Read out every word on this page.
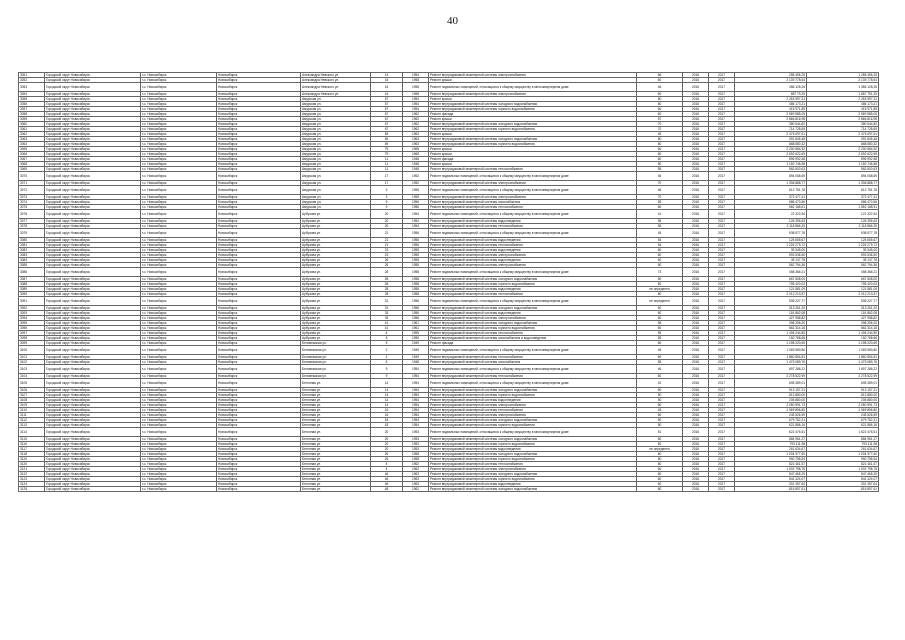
40
3051	Городской округ Новосибирск	г.о. Новосибирск	Новосибирск	Александра Невского ул.	14	1954	Ремонт внутридомовой инженерной системы электроснабжения	66	2016	2017	285 496,25	1 285 496,25
3052	Городской округ Новосибирск	г.о. Новосибирск	Новосибирск	Александра Невского ул.	16	1958	Ремонт крыши	60	2016	2017	2 139 778,64	2 139 778,64
3053	Городской округ Новосибирск	г.о. Новосибирск	Новосибирск	Александра Невского ул.	16	1958	Ремонт подвальных помещений, относящихся к общему имуществу в многоквартирном доме	46	2016	2017	386 128,26	1 386 128,26
3054	Городской округ Новосибирск	г.о. Новосибирск	Новосибирск	Александра Невского ул.	16	1958	Ремонт внутридомовой инженерной системы электроснабжения	60	2016	2017	687 79,25	1 687 791,25
3055	Городской округ Новосибирск	г.о. Новосибирск	Новосибирск	Амурская ул.	57	1954	Ремонт крыши	60	2016	2017	2 263 997,31	2 263 997,31
3056	Городской округ Новосибирск	г.о. Новосибирск	Новосибирск	Амурская ул.	57	1954	Ремонт внутридомовой инженерной системы холодного водоснабжения	60	2016	2017	486 173,21	486 173,21
3057	Городской округ Новосибирск	г.о. Новосибирск	Новосибирск	Амурская ул.	57	1954	Ремонт внутридомовой инженерной системы горячего водоснабжения	60	2016	2017	415 971,85	415 971,85
3058	Городской округ Новосибирск	г.о. Новосибирск	Новосибирск	Амурская ул.	67	1962	Ремонт фасада	60	2016	2017	2 569 985,05	2 569 985,05
3059	Городской округ Новосибирск	г.о. Новосибирск	Новосибирск	Амурская ул.	67	1962	Ремонт крыши	57	2016	2017	2 866 816,98	2 866 816,98
3060	Городской округ Новосибирск	г.о. Новосибирск	Новосибирск	Амурская ул.	67	1962	Ремонт внутридомовой инженерной системы холодного водоснабжения	70	2016	2017	380 944,82	380 944,82
3061	Городской округ Новосибирск	г.о. Новосибирск	Новосибирск	Амурская ул.	67	1962	Ремонт внутридомовой инженерной системы горячего водоснабжения	70	2016	2017	714 728,65	714 728,65
3062	Городской округ Новосибирск	г.о. Новосибирск	Новосибирск	Амурская ул.	69	1963	Ремонт крыши	45	2016	2017	2 475 097,61	2 475 097,61
3063	Городской округ Новосибирск	г.о. Новосибирск	Новосибирск	Амурская ул.	69	1963	Ремонт внутридомовой инженерной системы холодного водоснабжения	60	2016	2017	391 845,48	391 845,48
3064	Городской округ Новосибирск	г.о. Новосибирск	Новосибирск	Амурская ул.	69	1963	Ремонт внутридомовой инженерной системы горячего водоснабжения	60	2016	2017	868 580,32	868 580,32
3065	Городской округ Новосибирск	г.о. Новосибирск	Новосибирск	Амурская ул.	75	1968	Ремонт крыши	60	2016	2017	2 230 584,52	2 230 584,52
3066	Городской округ Новосибирск	г.о. Новосибирск	Новосибирск	Амурская ул.	79	1968	Ремонт крыши	60	2016	2017	2 692 622,69	2 692 622,69
3067	Городской округ Новосибирск	г.о. Новосибирск	Новосибирск	Амурская ул.	11	1948	Ремонт фасада	60	2016	2017	896 992,58	896 992,58
3068	Городской округ Новосибирск	г.о. Новосибирск	Новосибирск	Амурская ул.	11	1948	Ремонт крыши	50	2016	2017	1 150 746,58	1 150 746,58
3069	Городской округ Новосибирск	г.о. Новосибирск	Новосибирск	Амурская ул.	11	1948	Ремонт внутридомовой инженерной системы теплоснабжения	55	2016	2017	562 600,63	562 600,63
3070	Городской округ Новосибирск	г.о. Новосибирск	Новосибирск	Амурская ул.	17	1952	Ремонт подвальных помещений, относящихся к общему имуществу в многоквартирном доме	46	2016	2017	894 068,69	894 068,69
3071	Городской округ Новосибирск	г.о. Новосибирск	Новосибирск	Амурская ул.	17	1952	Ремонт внутридомовой инженерной системы электроснабжения	70	2016	2017	1 336 888,77	1 336 888,77
3072	Городской округ Новосибирск	г.о. Новосибирск	Новосибирск	Амурская ул.	3	1955	Ремонт подвальных помещений, относящихся к общему имуществу в многоквартирном доме	46	2016	2017	612 751,78	612 751,78
3073	Городской округ Новосибирск	г.о. Новосибирск	Новосибирск	Амурская ул.	3	1955	Ремонт внутридомовой инженерной системы электроснабжения	70	2016	2017	372 477,41	372 477,41
3074	Городской округ Новосибирск	г.о. Новосибирск	Новосибирск	Амурская ул.	9	1956	Ремонт внутридомовой инженерной системы газоснабжения	55	2016	2017	686 470,56	686 470,56
3075	Городской округ Новосибирск	г.о. Новосибирск	Новосибирск	Амурская ул.	9	1956	Ремонт внутридомовой инженерной системы теплоснабжения	60	2016	2017	562 168,51	1 562 168,51
3076	Городской округ Новосибирск	г.о. Новосибирск	Новосибирск	Арбузова ул.	20	1954	Ремонт подвальных помещений, относящихся к общему имуществу в многоквартирном доме	41	2016	2017	22 322,54	121 322,54
3077	Городской округ Новосибирск	г.о. Новосибирск	Новосибирск	Арбузова ул.	20	1954	Ремонт внутридомовой инженерной системы водоотведения	55	2016	2017	126 396,63	126 396,63
3078	Городской округ Новосибирск	г.о. Новосибирск	Новосибирск	Арбузова ул.	20	1954	Ремонт внутридомовой инженерной системы теплоснабжения	55	2016	2017	2 118 866,25	2 118 866,25
3079	Городской округ Новосибирск	г.о. Новосибирск	Новосибирск	Арбузова ул.	21	1956	Ремонт подвальных помещений, относящихся к общему имуществу в многоквартирном доме	45	2016	2017	938 577,78	938 577,78
3080	Городской округ Новосибирск	г.о. Новосибирск	Новосибирск	Арбузова ул.	21	1956	Ремонт внутридомовой инженерной системы водоотведения	54	2016	2017	125 655,67	125 655,67
3081	Городской округ Новосибирск	г.о. Новосибирск	Новосибирск	Арбузова ул.	21	1956	Ремонт внутридомовой инженерной системы теплоснабжения	54	2016	2017	1 226 279,72	1 226 279,72
3082	Городской округ Новосибирск	г.о. Новосибирск	Новосибирск	Арбузова ул.	23	1955	Ремонт внутридомовой инженерной системы водоотведения	60	2016	2017	39 345,00	39 345,00
3083	Городской округ Новосибирск	г.о. Новосибирск	Новосибирск	Арбузова ул.	23	1955	Ремонт внутридомовой инженерной системы электроснабжения	60	2016	2017	593 536,50	593 536,50
3084	Городской округ Новосибирск	г.о. Новосибирск	Новосибирск	Арбузова ул.	26	1955	Ремонт внутридомовой инженерной системы водоотведения	60	2016	2017	35 137,78	35 137,78
3085	Городской округ Новосибирск	г.о. Новосибирск	Новосибирск	Арбузова ул.	26	1955	Ремонт внутридомовой инженерной системы электроснабжения	60	2016	2017	562 794,36	562 794,36
3086	Городской округ Новосибирск	г.о. Новосибирск	Новосибирск	Арбузова ул.	28	1958	Ремонт подвальных помещений, относящихся к общему имуществу в многоквартирном доме	73	2016	2017	458 366,21	458 366,21
3087	Городской округ Новосибирск	г.о. Новосибирск	Новосибирск	Арбузова ул.	28	1958	Ремонт внутридомовой инженерной системы холодного водоснабжения	60	2016	2017	667 508,00	667 508,00
3088	Городской округ Новосибирск	г.о. Новосибирск	Новосибирск	Арбузова ул.	28	1958	Ремонт внутридомовой инженерной системы горячего водоснабжения	60	2016	2017	755 420,03	755 420,03
3089	Городской округ Новосибирск	г.о. Новосибирск	Новосибирск	Арбузова ул.	28	1958	Ремонт внутридомовой инженерной системы водоотведения	не определен	2016	2017	121 881,09	121 881,09
3090	Городской округ Новосибирск	г.о. Новосибирск	Новосибирск	Арбузова ул.	28	1958	Ремонт внутридомовой инженерной системы теплоснабжения	80	2016	2017	2 012 213,57	2 012 213,57
3091	Городской округ Новосибирск	г.о. Новосибирск	Новосибирск	Арбузова ул.	31	1956	Ремонт подвальных помещений, относящихся к общему имуществу в многоквартирном доме	не определен	2016	2017	506 227,77	506 227,77
3092	Городской округ Новосибирск	г.о. Новосибирск	Новосибирск	Арбузова ул.	31	1956	Ремонт внутридомовой инженерной системы холодного водоснабжения	60	2016	2017	313 261,20	313 261,20
3093	Городской округ Новосибирск	г.о. Новосибирск	Новосибирск	Арбузова ул.	33	1956	Ремонт внутридомовой инженерной системы водоотведения	60	2016	2017	151 862,08	151 862,08
3094	Городской округ Новосибирск	г.о. Новосибирск	Новосибирск	Арбузова ул.	33	1956	Ремонт внутридомовой инженерной системы электроснабжения	60	2016	2017	427 958,82	427 958,82
3095	Городской округ Новосибирск	г.о. Новосибирск	Новосибирск	Арбузова ул.	41	1961	Ремонт внутридомовой инженерной системы холодного водоснабжения	55	2016	2017	398 256,20	398 256,20
3096	Городской округ Новосибирск	г.о. Новосибирск	Новосибирск	Арбузова ул.	41	1961	Ремонт внутридомовой инженерной системы горячего водоснабжения	60	2016	2017	562 314,18	562 314,18
3097	Городской округ Новосибирск	г.о. Новосибирск	Новосибирск	Арбузова ул.	4	1955	Ремонт внутридомовой инженерной системы теплоснабжения	55	2016	2017	1 436 244,80	1 436 244,80
3098	Городской округ Новосибирск	г.о. Новосибирск	Новосибирск	Арбузова ул.	5	1955	Ремонт внутридомовой инженерной системы газоснабжения и водоотведения	55	2016	2017	152 768,66	152 768,66
3099	Городской округ Новосибирск	г.о. Новосибирск	Новосибирск	Беловежская ул.	5	1949	Ремонт фасада	60	2016	2017	1 198 220,69	1 198 220,69
3100	Городской округ Новосибирск	г.о. Новосибирск	Новосибирск	Беловежская ул.	2	1949	Ремонт подвальных помещений, относящихся к общему имуществу в многоквартирном доме	45	2016	2017	1 069 969,80	1 069 969,80
3101	Городской округ Новосибирск	г.о. Новосибирск	Новосибирск	Беловежская ул.	2	1949	Ремонт внутридомовой инженерной системы теплоснабжения	60	2016	2017	1 860 854,81	1 860 854,81
3102	Городской округ Новосибирск	г.о. Новосибирск	Новосибирск	Беловежская ул.	5	1948	Ремонт внутридомовой инженерной системы газоснабжения	55	2016	2017	1 479 089,76	1 479 089,76
3103	Городской округ Новосибирск	г.о. Новосибирск	Новосибирск	Беловежская ул.	9	1954	Ремонт подвальных помещений, относящихся к общему имуществу в многоквартирном доме	46	2016	2017	697 286,22	1 697 286,22
3104	Городской округ Новосибирск	г.о. Новосибирск	Новосибирск	Беловежская ул.	9	1954	Ремонт внутридомовой инженерной системы теплоснабжения	60	2016	2017	2 278 522,99	2 278 522,99
3105	Городской округ Новосибирск	г.о. Новосибирск	Новосибирск	Бетонная ул.	14	1954	Ремонт подвальных помещений, относящихся к общему имуществу в многоквартирном доме	42	2016	2017	606 389,01	606 389,01
3106	Городской округ Новосибирск	г.о. Новосибирск	Новосибирск	Бетонная ул.	14	1954	Ремонт внутридомовой инженерной системы холодного водоснабжения	50	2016	2017	913 197,21	913 197,21
3107	Городской округ Новосибирск	г.о. Новосибирск	Новосибирск	Бетонная ул.	14	1954	Ремонт внутридомовой инженерной системы горячего водоснабжения	50	2016	2017	813 880,00	813 880,00
3108	Городской округ Новосибирск	г.о. Новосибирск	Новосибирск	Бетонная ул.	14	1954	Ремонт внутридомовой инженерной системы водоотведения	50	2016	2017	206 880,00	206 880,00
3109	Городской округ Новосибирск	г.о. Новосибирск	Новосибирск	Бетонная ул.	14	1954	Ремонт внутридомовой инженерной системы электроснабжения	80	2016	2017	2 050 991,73	2 050 991,73
3110	Городской округ Новосибирск	г.о. Новосибирск	Новосибирск	Бетонная ул.	16	1954	Ремонт внутридомовой инженерной системы теплоснабжения	45	2016	2017	1 969 896,80	1 969 896,80
3111	Городской округ Новосибирск	г.о. Новосибирск	Новосибирск	Бетонная ул.	16	1954	Ремонт внутридомовой инженерной системы электроснабжения	60	2016	2017	245 526,59	245 526,59
3112	Городской округ Новосибирск	г.о. Новосибирск	Новосибирск	Бетонная ул.	18	1954	Ремонт внутридомовой инженерной системы холодного водоснабжения	50	2016	2017	679 762,21	679 762,21
3113	Городской округ Новосибирск	г.о. Новосибирск	Новосибирск	Бетонная ул.	18	1954	Ремонт внутридомовой инженерной системы горячего водоснабжения	50	2016	2017	621 886,16	621 886,16
3114	Городской округ Новосибирск	г.о. Новосибирск	Новосибирск	Бетонная ул.	20	1953	Ремонт подвальных помещений, относящихся к общему имуществу в многоквартирном доме	51	2016	2017	622 476,51	1 622 476,51
3115	Городской округ Новосибирск	г.о. Новосибирск	Новосибирск	Бетонная ул.	20	1953	Ремонт внутридомовой инженерной системы холодного водоснабжения	60	2016	2017	884 961,27	884 961,27
3116	Городской округ Новосибирск	г.о. Новосибирск	Новосибирск	Бетонная ул.	20	1953	Ремонт внутридомовой инженерной системы горячего водоснабжения	60	2016	2017	793 111,98	793 111,98
3117	Городской округ Новосибирск	г.о. Новосибирск	Новосибирск	Бетонная ул.	20	1953	Ремонт внутридомовой инженерной системы водоотведения	не определен	2016	2017	261 634,67	261 634,67
3118	Городской округ Новосибирск	г.о. Новосибирск	Новосибирск	Бетонная ул.	26	1958	Ремонт внутридомовой инженерной системы холодного водоснабжения	60	2016	2017	1 004 977,60	1 004 977,60
3119	Городской округ Новосибирск	г.о. Новосибирск	Новосибирск	Бетонная ул.	26	1958	Ремонт внутридомовой инженерной системы горячего водоснабжения	60	2016	2017	950 758,54	950 758,54
3120	Городской округ Новосибирск	г.о. Новосибирск	Новосибирск	Бетонная ул.	4	1962	Ремонт внутридомовой инженерной системы теплоснабжения	60	2016	2017	821 461,57	821 461,57
3121	Городской округ Новосибирск	г.о. Новосибирск	Новосибирск	Бетонная ул.	4	1962	Ремонт внутридомовой инженерной системы электроснабжения	60	2016	2017	1 002 798,76	1 002 798,76
3122	Городской округ Новосибирск	г.о. Новосибирск	Новосибирск	Бетонная ул.	46	1963	Ремонт внутридомовой инженерной системы холодного водоснабжения	60	2016	2017	847 465,29	847 465,29
3123	Городской округ Новосибирск	г.о. Новосибирск	Новосибирск	Бетонная ул.	46	1963	Ремонт внутридомовой инженерной системы горячего водоснабжения	60	2016	2017	841 324,07	841 324,07
3124	Городской округ Новосибирск	г.о. Новосибирск	Новосибирск	Бетонная ул.	46	1963	Ремонт внутридомовой инженерной системы водоотведения	60	2016	2017	301 357,64	301 357,64
3125	Городской округ Новосибирск	г.о. Новосибирск	Новосибирск	Бетонная ул.	48	1962	Ремонт внутридомовой инженерной системы холодного водоснабжения	60	2016	2017	815 857,61	815 857,61
